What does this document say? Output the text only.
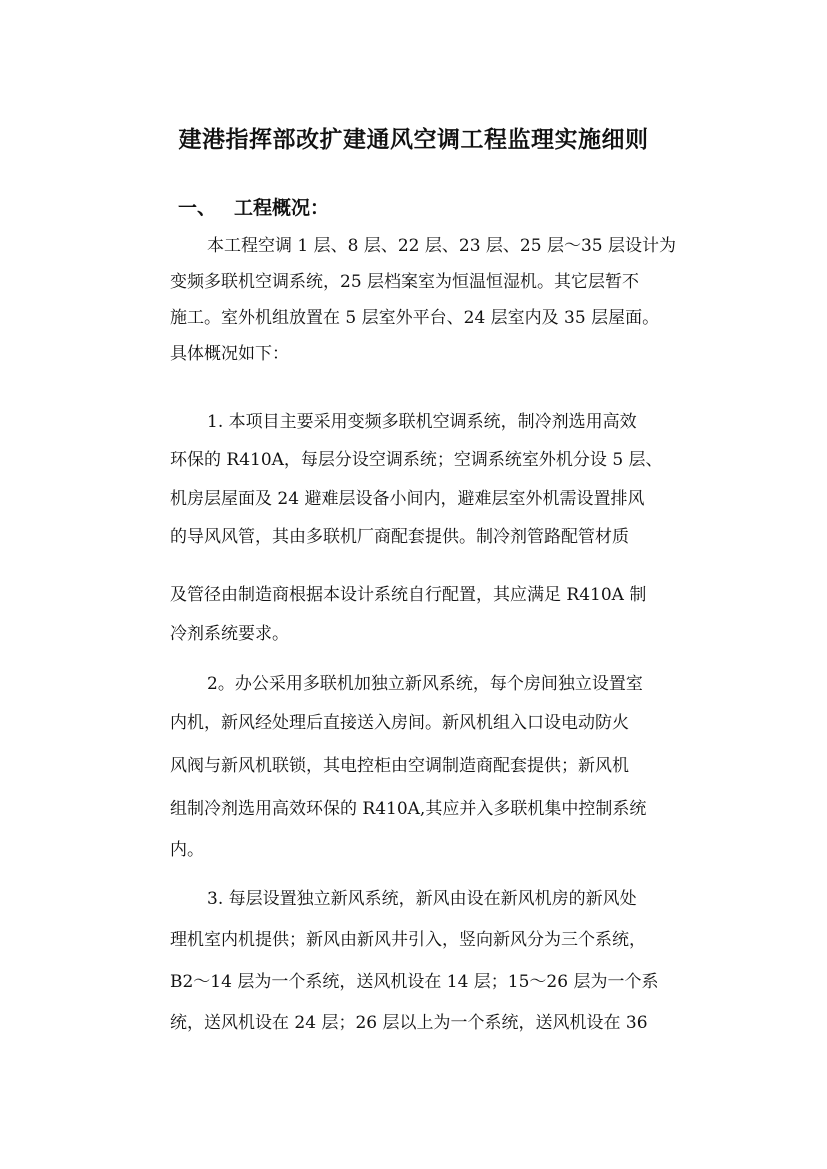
建港指挥部改扩建通风空调工程监理实施细则
一、 工程概况：

本工程空调 1 层、8 层、22 层、23 层、25 层～35 层设计为

变频多联机空调系统，25 层档案室为恒温恒湿机。其它层暂不

施工。室外机组放置在 5 层室外平台、24 层室内及 35 层屋面。

具体概况如下：

1. 本项目主要采用变频多联机空调系统，制冷剂选用高效

环保的 R410A，每层分设空调系统；空调系统室外机分设 5 层、

机房层屋面及 24 避难层设备小间内，避难层室外机需设置排风

的导风风管，其由多联机厂商配套提供。制冷剂管路配管材质

及管径由制造商根据本设计系统自行配置，其应满足 R410A 制

冷剂系统要求。

2。办公采用多联机加独立新风系统，每个房间独立设置室

内机，新风经处理后直接送入房间。新风机组入口设电动防火

风阀与新风机联锁，其电控柜由空调制造商配套提供；新风机

组制冷剂选用高效环保的 R410A,其应并入多联机集中控制系统

内。

3. 每层设置独立新风系统，新风由设在新风机房的新风处

理机室内机提供；新风由新风井引入，竖向新风分为三个系统，

B2～14 层为一个系统，送风机设在 14 层；15～26 层为一个系

统，送风机设在 24 层；26 层以上为一个系统，送风机设在 36
